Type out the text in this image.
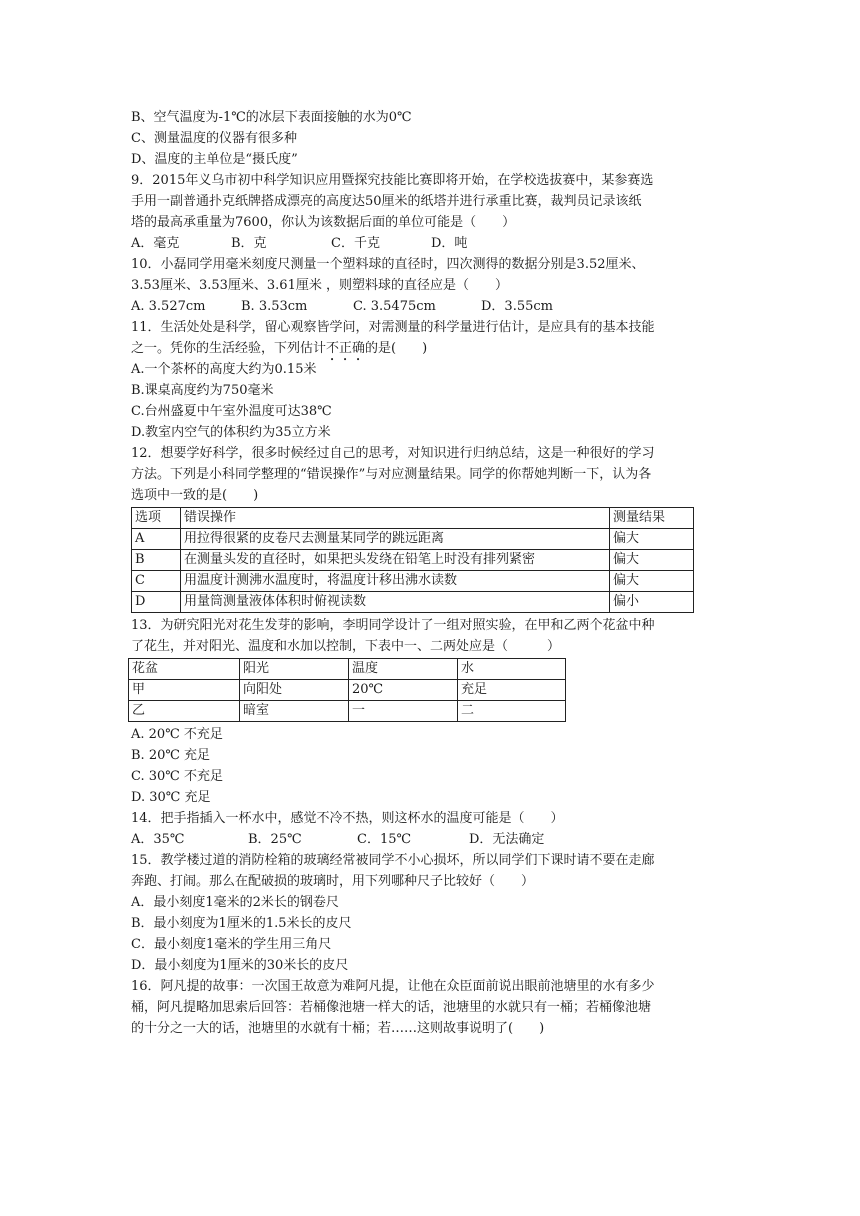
B、空气温度为-1℃的冰层下表面接触的水为0℃
C、测量温度的仪器有很多种
D、温度的主单位是“摄氏度”
9．2015年义乌市初中科学知识应用暨探究技能比赛即将开始，在学校选拔赛中，某参赛选
手用一副普通扑克纸牌搭成漂亮的高度达50厘米的纸塔并进行承重比赛，裁判员记录该纸
塔的最高承重量为7600，你认为该数据后面的单位可能是（　　）
A．毫克	B．克	C．千克	D．吨
10．小磊同学用毫米刻度尺测量一个塑料球的直径时，四次测得的数据分别是3.52厘米、
3.53厘米、3.53厘米、3.61厘米 ，则塑料球的直径应是（　　）
A. 3.527cm	B. 3.53cm	C. 3.5475cm	D．3.55cm
11．生活处处是科学，留心观察皆学问，对需测量的科学量进行估计，是应具有的基本技能
之一。凭你的生活经验，下列估计不正确的是(　　)
A.一个茶杯的高度大约为0.15米
B.课桌高度约为750毫米
C.台州盛夏中午室外温度可达38℃
D.教室内空气的体积约为35立方米
12．想要学好科学，很多时候经过自己的思考，对知识进行归纳总结，这是一种很好的学习
方法。下列是小科同学整理的“错误操作”与对应测量结果。同学的你帮她判断一下，认为各
选项中一致的是(　　)
选项	错误操作	测量结果
A	用拉得很紧的皮卷尺去测量某同学的跳远距离	偏大
B	在测量头发的直径时，如果把头发绕在铅笔上时没有排列紧密	偏大
C	用温度计测沸水温度时，将温度计移出沸水读数	偏大
D	用量筒测量液体体积时俯视读数	偏小
13．为研究阳光对花生发芽的影响，李明同学设计了一组对照实验，在甲和乙两个花盆中种
了花生，并对阳光、温度和水加以控制，下表中一、二两处应是（　　　）
花盆	阳光	温度	水
甲	向阳处	20℃	充足
乙	暗室	一	二
A. 20℃ 不充足
B. 20℃ 充足
C. 30℃ 不充足
D. 30℃ 充足
14．把手指插入一杯水中，感觉不冷不热，则这杯水的温度可能是（　　）
A．35℃	B．25℃	C．15℃	D．无法确定
15．教学楼过道的消防栓箱的玻璃经常被同学不小心损坏，所以同学们下课时请不要在走廊
奔跑、打闹。那么在配破损的玻璃时，用下列哪种尺子比较好（　　）
A．最小刻度1毫米的2米长的钢卷尺
B．最小刻度为1厘米的1.5米长的皮尺
C．最小刻度1毫米的学生用三角尺
D．最小刻度为1厘米的30米长的皮尺
16．阿凡提的故事：一次国王故意为难阿凡提，让他在众臣面前说出眼前池塘里的水有多少
桶，阿凡提略加思索后回答：若桶像池塘一样大的话，池塘里的水就只有一桶；若桶像池塘
的十分之一大的话，池塘里的水就有十桶；若……这则故事说明了(　　)
